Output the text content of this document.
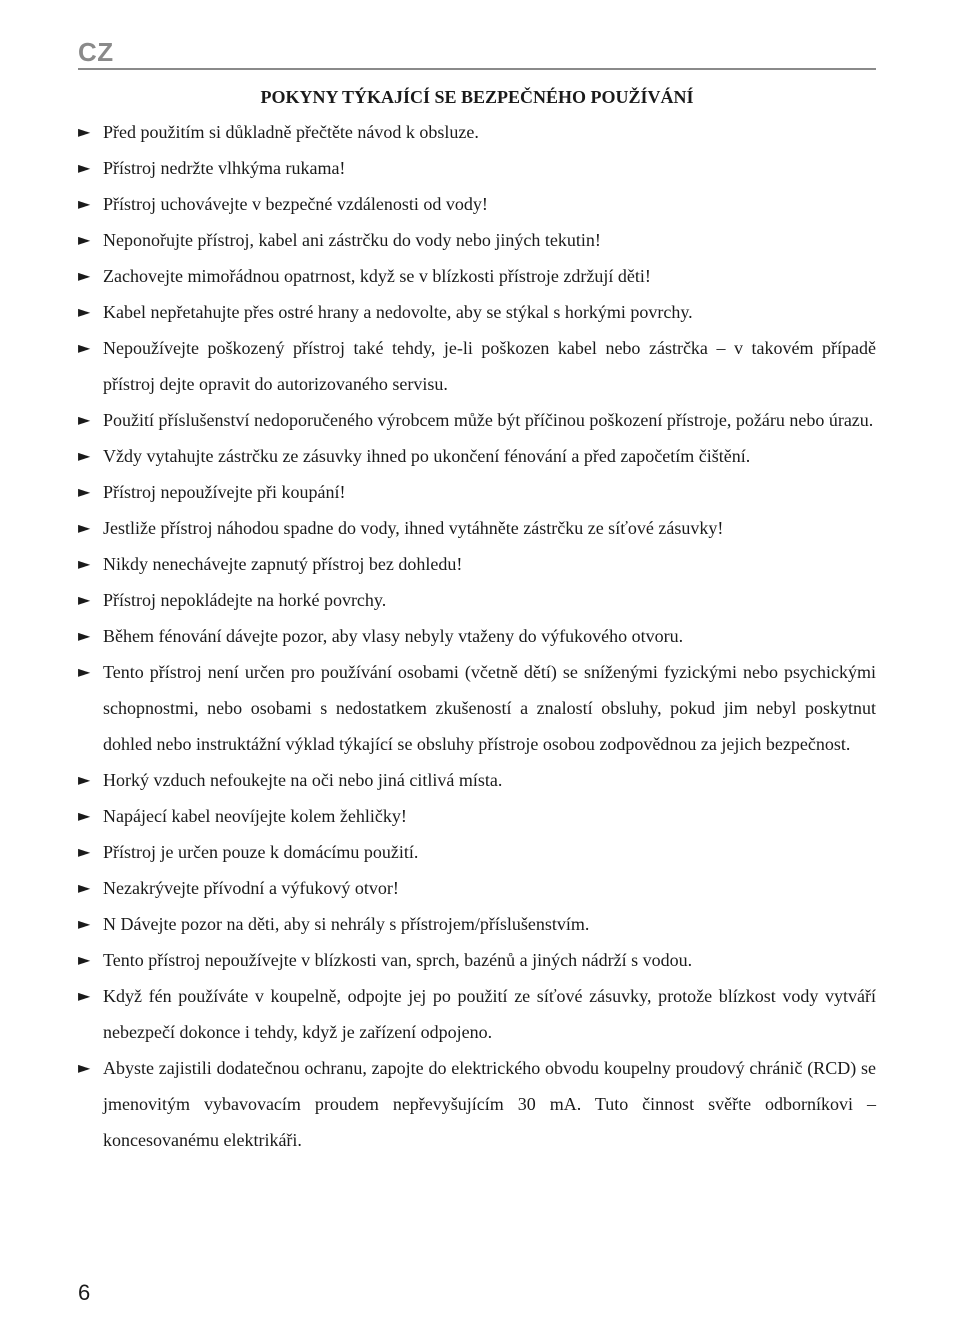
CZ
POKYNY TÝKAJÍCÍ SE BEZPEČNÉHO POUŽÍVÁNÍ
► Před použitím si důkladně přečtěte návod k obsluze.
► Přístroj nedržte vlhkýma rukama!
► Přístroj uchovávejte v bezpečné vzdálenosti od vody!
► Neponořujte přístroj, kabel ani zástrčku do vody nebo jiných tekutin!
► Zachovejte mimořádnou opatrnost, když se v blízkosti přístroje zdržují děti!
► Kabel nepřetahujte přes ostré hrany a nedovolte, aby se stýkal s horkými povrchy.
► Nepoužívejte poškozený přístroj také tehdy, je-li poškozen kabel nebo zástrčka – v takovém případě přístroj dejte opravit do autorizovaného servisu.
► Použití příslušenství nedoporučeného výrobcem může být příčinou poškození přístroje, požáru nebo úrazu.
► Vždy vytahujte zástrčku ze zásuvky ihned po ukončení fénování a před započetím čištění.
► Přístroj nepoužívejte při koupání!
► Jestliže přístroj náhodou spadne do vody, ihned vytáhněte zástrčku ze síťové zásuvky!
► Nikdy nenechávejte zapnutý přístroj bez dohledu!
► Přístroj nepokládejte na horké povrchy.
► Během fénování dávejte pozor, aby vlasy nebyly vtaženy do výfukového otvoru.
► Tento přístroj není určen pro používání osobami (včetně dětí) se sníženými fyzickými nebo psychickými schopnostmi, nebo osobami s nedostatkem zkušeností a znalostí obsluhy, pokud jim nebyl poskytnut dohled nebo instruktážní výklad týkající se obsluhy přístroje osobou zodpovědnou za jejich bezpečnost.
► Horký vzduch nefoukejte na oči nebo jiná citlivá místa.
► Napájecí kabel neovíjejte kolem žehličky!
► Přístroj je určen pouze k domácímu použití.
► Nezakrývejte přívodní a výfukový otvor!
► N Dávejte pozor na děti, aby si nehrály s přístrojem/příslušenstvím.
► Tento přístroj nepoužívejte v blízkosti van, sprch, bazénů a jiných nádrží s vodou.
► Když fén používáte v koupelně, odpojte jej po použití ze síťové zásuvky, protože blízkost vody vytváří nebezpečí dokonce i tehdy, když je zařízení odpojeno.
► Abyste zajistili dodatečnou ochranu, zapojte do elektrického obvodu koupelny proudový chránič (RCD) se jmenovitým vybavovacím proudem nepřevyšujícím 30 mA. Tuto činnost svěřte odborníkovi – koncesovanému elektrikáři.
6
